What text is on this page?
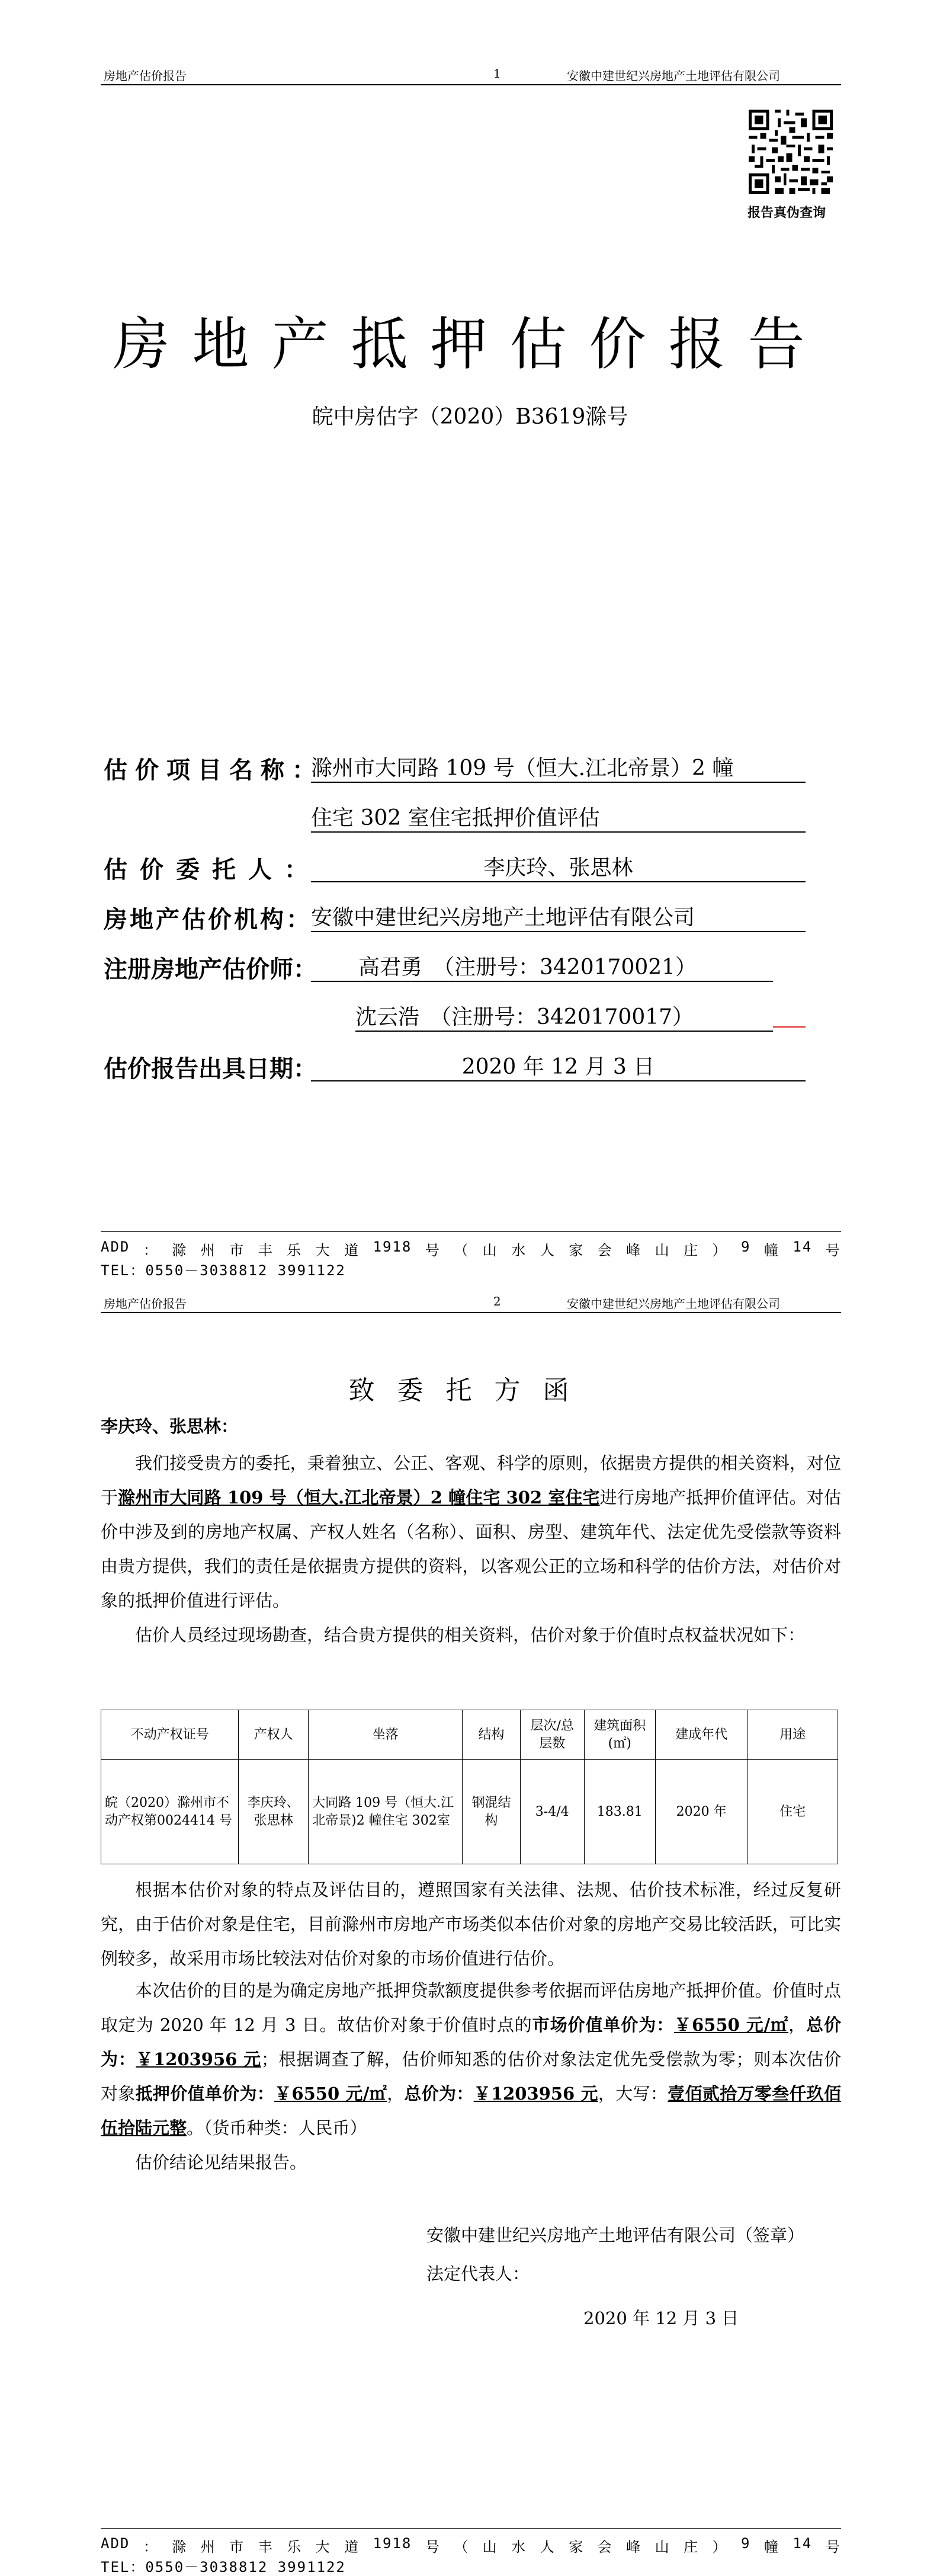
房地产估价报告	1	安徽中建世纪兴房地产土地评估有限公司
报告真伪查询
房地产抵押估价报告
皖中房估字（2020）B3619滁号
估价项目名称：
滁州市大同路 109 号（恒大.江北帝景）2 幢
住宅 302 室住宅抵押价值评估
估价委托人：	李庆玲、张思林
房地产估价机构：
安徽中建世纪兴房地产土地评估有限公司
注册房地产估价师：	高君勇　（注册号：3420170021）
沈云浩　（注册号：3420170017）
估价报告出具日期：	2020 年 12 月 3 日
ADD ： 滁 州 市 丰 乐 大 道 1918 号 （ 山 水 人 家 会 峰 山 庄 ） 9 幢 14 号
TEL：0550－3038812 3991122
房地产估价报告	2	安徽中建世纪兴房地产土地评估有限公司
致委托方函
李庆玲、张思林：

我们接受贵方的委托，秉着独立、公正、客观、科学的原则，依据贵方提供的相关资料，对位于滁州市大同路 109 号（恒大.江北帝景）2 幢住宅 302 室住宅进行房地产抵押价值评估。对估价中涉及到的房地产权属、产权人姓名（名称）、面积、房型、建筑年代、法定优先受偿款等资料由贵方提供，我们的责任是依据贵方提供的资料，以客观公正的立场和科学的估价方法，对估价对象的抵押价值进行评估。

估价人员经过现场勘查，结合贵方提供的相关资料，估价对象于价值时点权益状况如下：

不动产权证号	产权人	坐落	结构	层次/总层数	建筑面积(㎡)	建成年代	用途
皖（2020）滁州市不动产权第0024414 号	李庆玲、张思林	大同路 109 号（恒大.江北帝景)2 幢住宅 302室	钢混结构	3-4/4	183.81	2020 年	住宅

根据本估价对象的特点及评估目的，遵照国家有关法律、法规、估价技术标准，经过反复研究，由于估价对象是住宅，目前滁州市房地产市场类似本估价对象的房地产交易比较活跃，可比实例较多，故采用市场比较法对估价对象的市场价值进行估价。

本次估价的目的是为确定房地产抵押贷款额度提供参考依据而评估房地产抵押价值。价值时点取定为 2020 年 12 月 3 日。故估价对象于价值时点的市场价值单价为：￥6550 元/㎡，总价为：￥1203956 元；根据调查了解，估价师知悉的估价对象法定优先受偿款为零；则本次估价对象抵押价值单价为：￥6550 元/㎡，总价为：￥1203956 元，大写：壹佰贰拾万零叁仟玖佰伍拾陆元整。（货币种类：人民币）

估价结论见结果报告。

安徽中建世纪兴房地产土地评估有限公司（签章）
法定代表人：
2020 年 12 月 3 日
ADD ： 滁 州 市 丰 乐 大 道 1918 号 （ 山 水 人 家 会 峰 山 庄 ） 9 幢 14 号
TEL：0550－3038812 3991122
